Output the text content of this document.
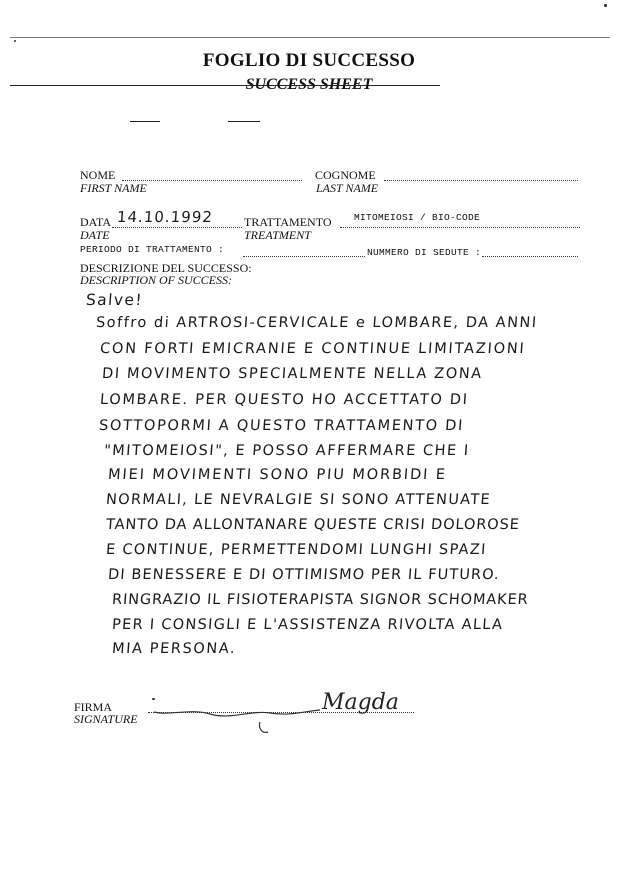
FOGLIO DI SUCCESSO
SUCCESS SHEET
NOME	COGNOME
FIRST NAME	LAST NAME
DATA 14.10.1992	TRATTAMENTO MITOMEIOSI / BIO-CODE
DATE	TREATMENT
PERIODO DI TRATTAMENTO :	NUMMERO DI SEDUTE :
DESCRIZIONE DEL SUCCESSO:
DESCRIPTION OF SUCCESS:
Salve!
Soffro di ARTROSI-CERVICALE e LOMBARE, DA ANNI
CON FORTI EMICRANIE E CONTINUE LIMITAZIONI
DI MOVIMENTO SPECIALMENTE NELLA ZONA
LOMBARE. PER QUESTO HO ACCETTATO DI
SOTTOPORMI A QUESTO TRATTAMENTO DI
"MITOMEIOSI", E POSSO AFFERMARE CHE I
MIEI MOVIMENTI SONO PIU MORBIDI E
NORMALI, LE NEVRALGIE SI SONO ATTENUATE
TANTO DA ALLONTANARE QUESTE CRISI DOLOROSE
E CONTINUE, PERMETTENDOMI LUNGHI SPAZI
DI BENESSERE E DI OTTIMISMO PER IL FUTURO.
RINGRAZIO IL FISIOTERAPISTA SIGNOR SCHOMAKER
PER I CONSIGLI E L'ASSISTENZA RIVOLTA ALLA
MIA PERSONA.
FIRMA
SIGNATURE
Magda
